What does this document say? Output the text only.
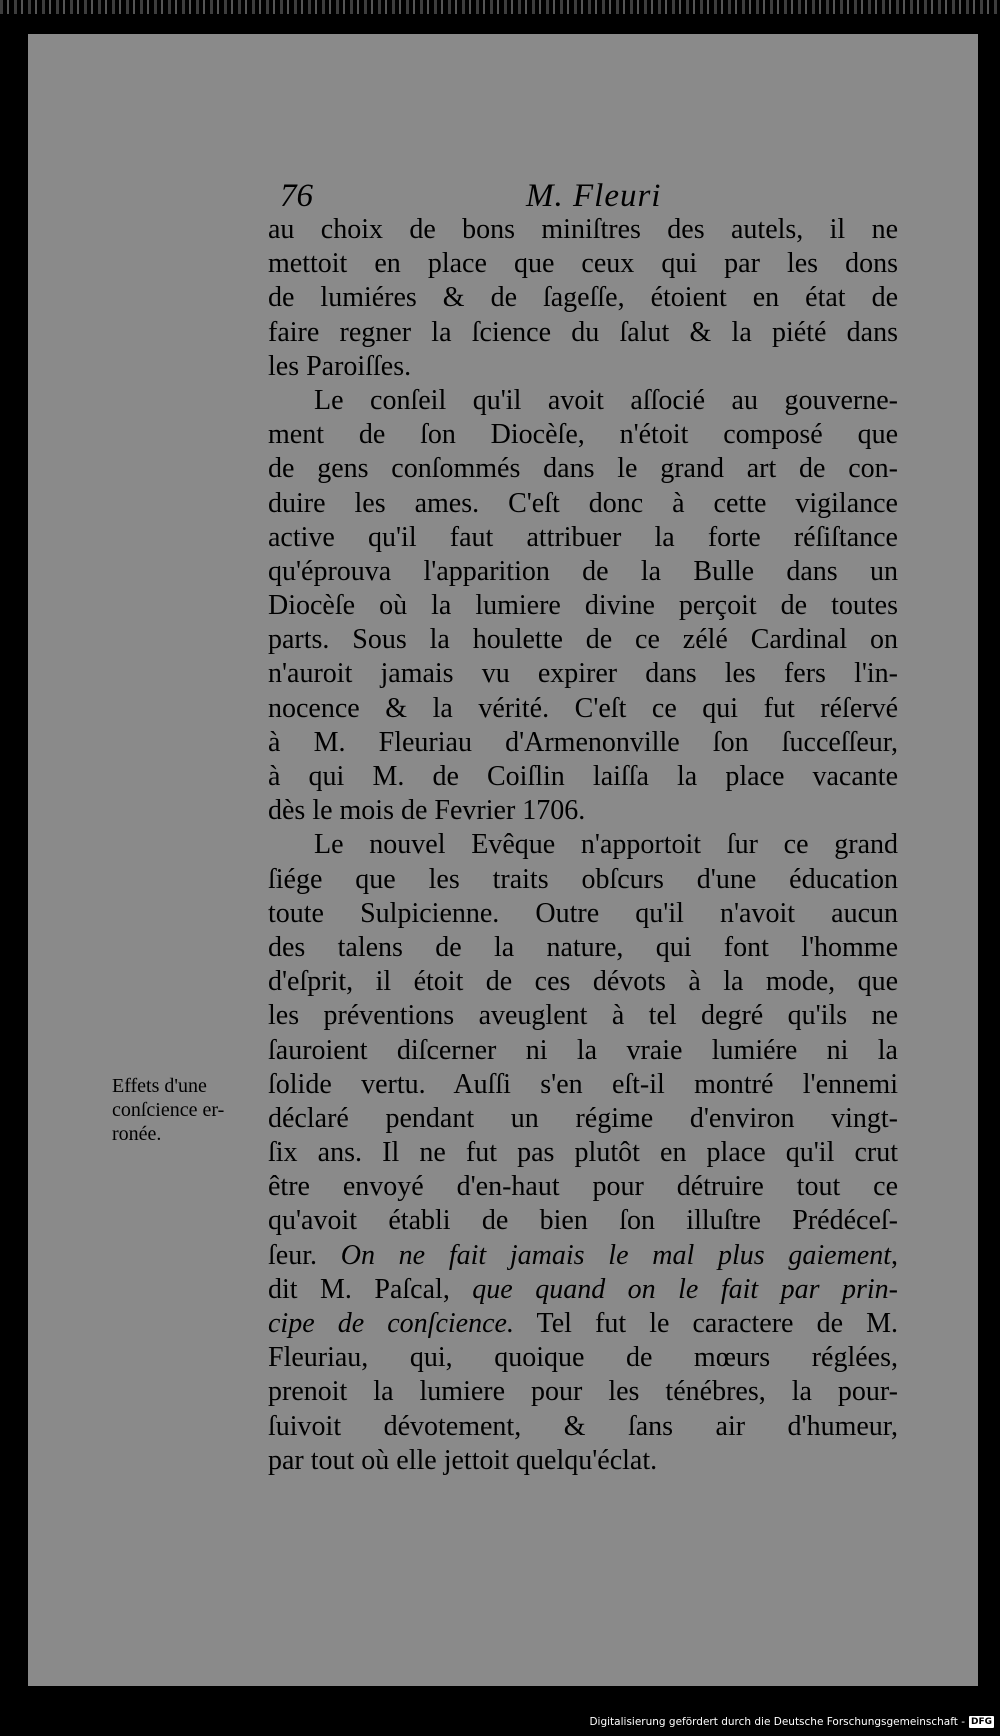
76	M. Fleuri
au choix de bons miniſtres des autels, il ne
mettoit en place que ceux qui par les dons
de lumiéres & de ſageſſe, étoient en état de
faire regner la ſcience du ſalut & la piété dans
les Paroiſſes.
Le conſeil qu'il avoit aſſocié au gouverne-
ment de ſon Diocèſe, n'étoit composé que
de gens conſommés dans le grand art de con-
duire les ames. C'eſt donc à cette vigilance
active qu'il faut attribuer la forte réſiſtance
qu'éprouva l'apparition de la Bulle dans un
Diocèſe où la lumiere divine perçoit de toutes
parts. Sous la houlette de ce zélé Cardinal on
n'auroit jamais vu expirer dans les fers l'in-
nocence & la vérité. C'eſt ce qui fut réſervé
à M. Fleuriau d'Armenonville ſon ſucceſſeur,
à qui M. de Coiſlin laiſſa la place vacante
dès le mois de Fevrier 1706.
Le nouvel Evêque n'apportoit ſur ce grand
ſiége que les traits obſcurs d'une éducation
toute Sulpicienne. Outre qu'il n'avoit aucun
des talens de la nature, qui font l'homme
d'eſprit, il étoit de ces dévots à la mode, que
les préventions aveuglent à tel degré qu'ils ne
ſauroient diſcerner ni la vraie lumiére ni la
ſolide vertu. Auſſi s'en eſt-il montré l'ennemi
déclaré pendant un régime d'environ vingt-
ſix ans. Il ne fut pas plutôt en place qu'il crut
être envoyé d'en-haut pour détruire tout ce
qu'avoit établi de bien ſon illuſtre Prédéceſ-
ſeur. On ne fait jamais le mal plus gaiement,
dit M. Paſcal, que quand on le fait par prin-
cipe de conſcience. Tel fut le caractere de M.
Fleuriau, qui, quoique de mœurs réglées,
prenoit la lumiere pour les ténébres, la pour-
ſuivoit dévotement, & ſans air d'humeur,
par tout où elle jettoit quelqu'éclat.
Effets d'une
conſcience er-
ronée.
Digitalisierung gefördert durch die Deutsche Forschungsgemeinschaft - DFG
